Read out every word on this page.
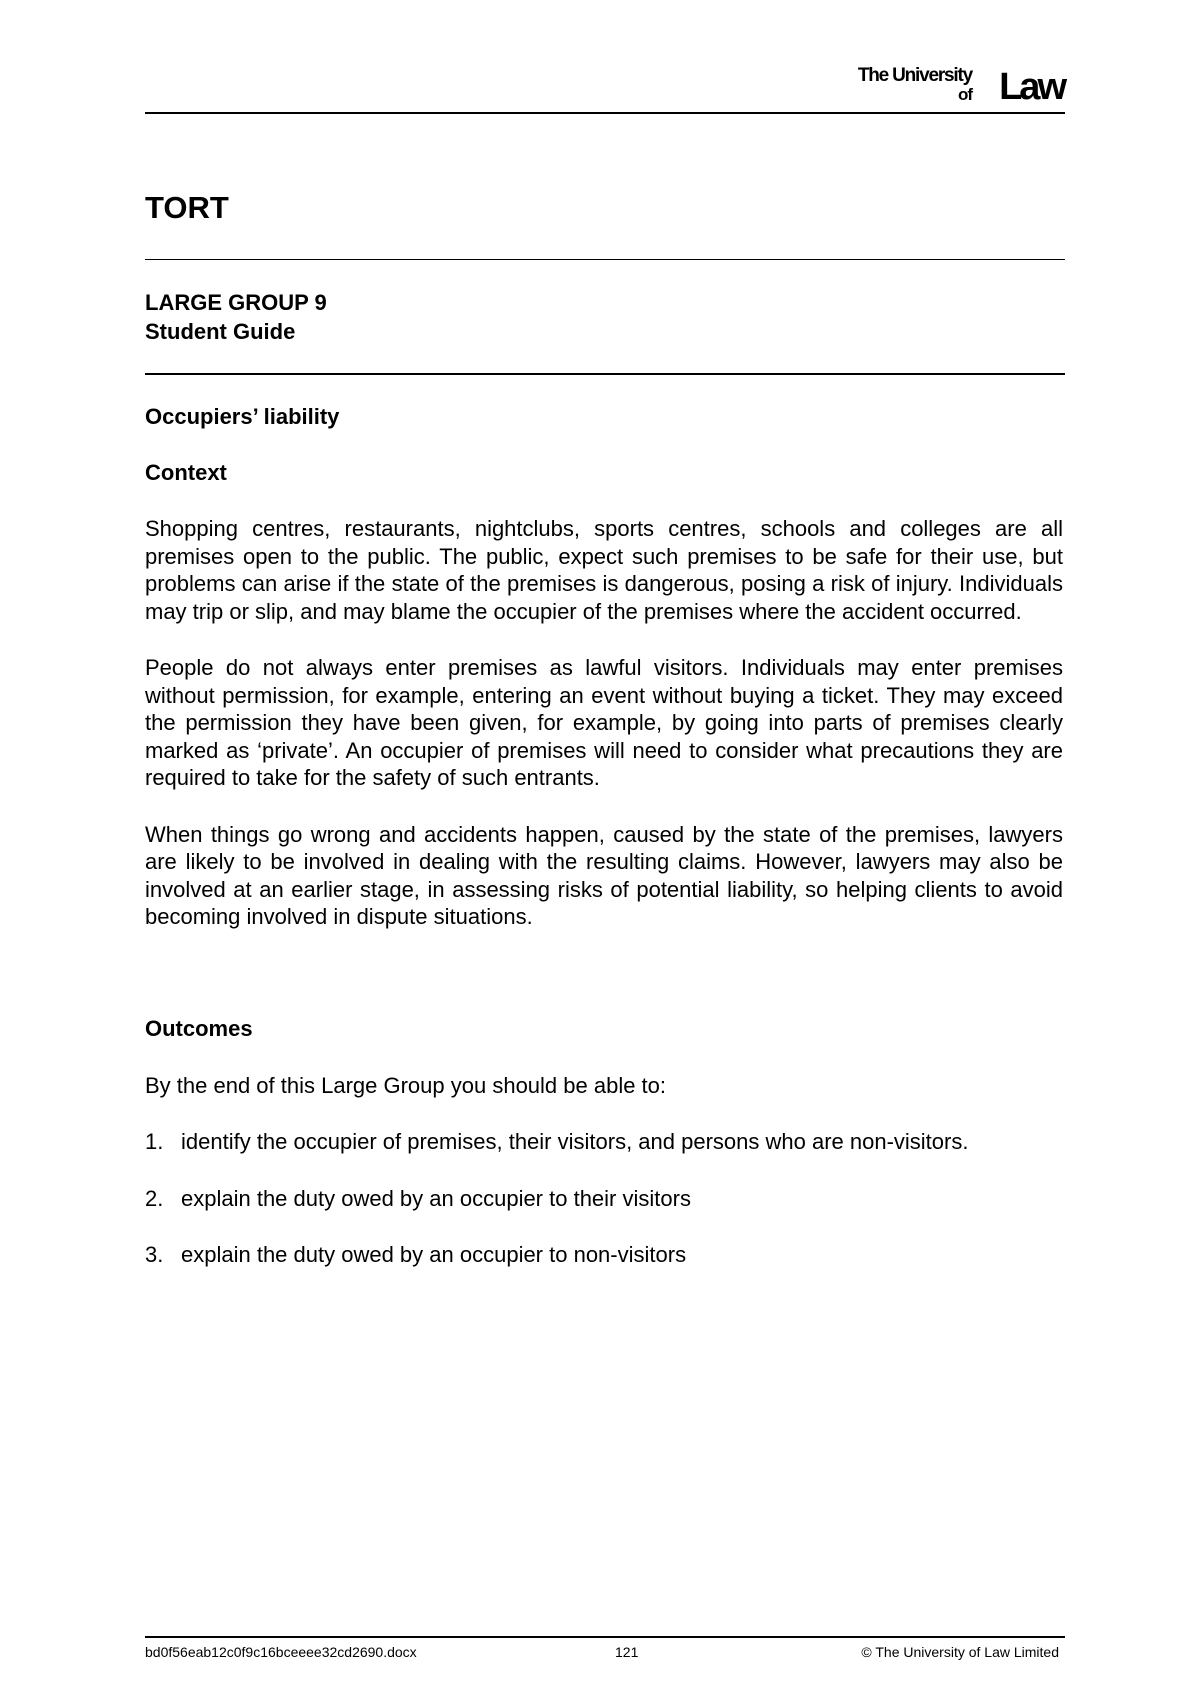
The University
of Law
TORT
LARGE GROUP 9
Student Guide
Occupiers’ liability
Context

Shopping centres, restaurants, nightclubs, sports centres, schools and colleges are all premises open to the public. The public, expect such premises to be safe for their use, but problems can arise if the state of the premises is dangerous, posing a risk of injury. Individuals may trip or slip, and may blame the occupier of the premises where the accident occurred.

People do not always enter premises as lawful visitors. Individuals may enter premises without permission, for example, entering an event without buying a ticket. They may exceed the permission they have been given, for example, by going into parts of premises clearly marked as ‘private’. An occupier of premises will need to consider what precautions they are required to take for the safety of such entrants.

When things go wrong and accidents happen, caused by the state of the premises, lawyers are likely to be involved in dealing with the resulting claims. However, lawyers may also be involved at an earlier stage, in assessing risks of potential liability, so helping clients to avoid becoming involved in dispute situations.

Outcomes

By the end of this Large Group you should be able to:

1. identify the occupier of premises, their visitors, and persons who are non-visitors.
2. explain the duty owed by an occupier to their visitors
3. explain the duty owed by an occupier to non-visitors
bd0f56eab12c0f9c16bceeee32cd2690.docx	121	© The University of Law Limited
